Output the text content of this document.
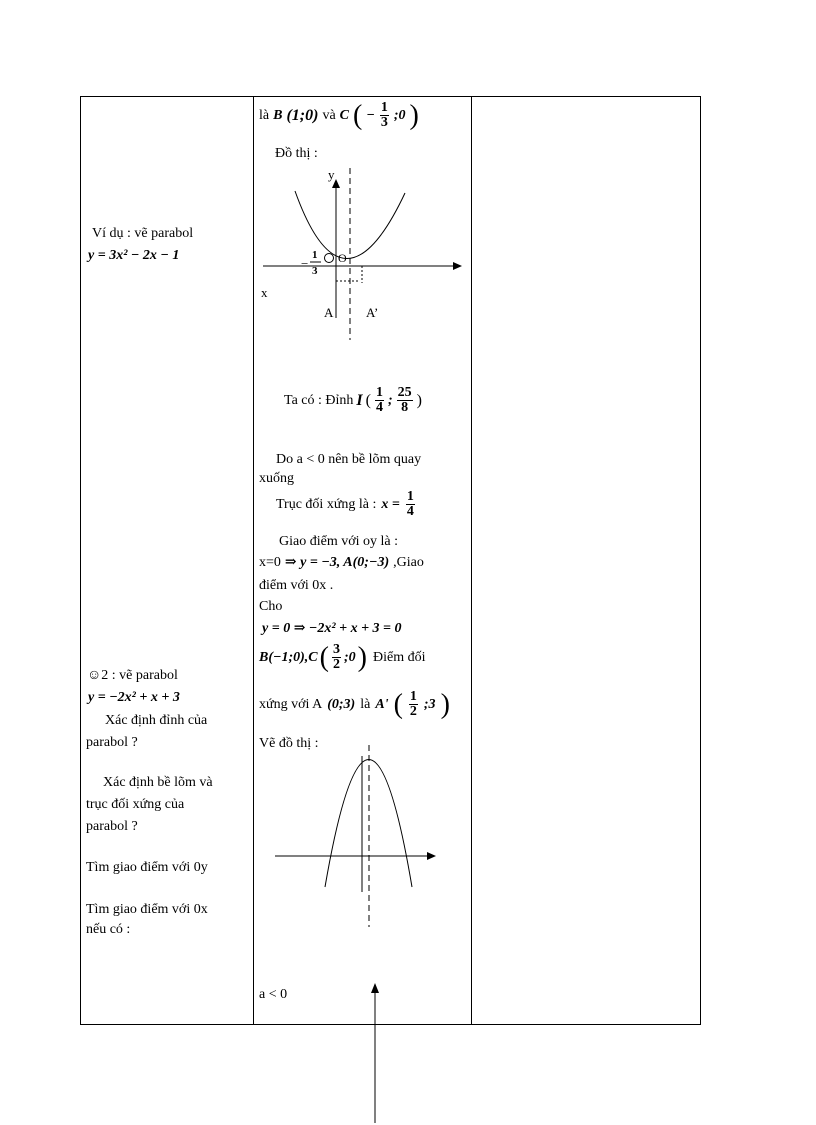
Ví dụ : vẽ parabol
y = 3x² − 2x − 1
☺2 : vẽ parabol
y = −2x² + x + 3
Xác định đỉnh của
parabol ?
Xác định bề lõm và
trục đối xứng của
parabol ?
Tìm giao điểm với 0y
Tìm giao điểm với 0x
nếu có :
là B (1;0) và C ( − $\frac{1}{3}$ ;0 )
Đồ thị :
y
x
−
1
3
O
A	A’
Ta có : Đỉnh I ( $\frac{1}{4}$ ; $\frac{25}{8}$ )
Do a < 0 nên bề lõm quay
xuống
Trục đối xứng là : $x = \frac{1}{4}$
Giao điểm với oy là :
x=0 ⇒ y = −3, A(0;−3) ,Giao
điểm với 0x .
Cho
y = 0 ⇒ −2x² + x + 3 = 0
B(−1;0),C ( $\frac{3}{2}$ ;0 ) Điểm đối
xứng với A (0;3) là A' ( $\frac{1}{2}$ ;3 )
Vẽ đồ thị :
a < 0
